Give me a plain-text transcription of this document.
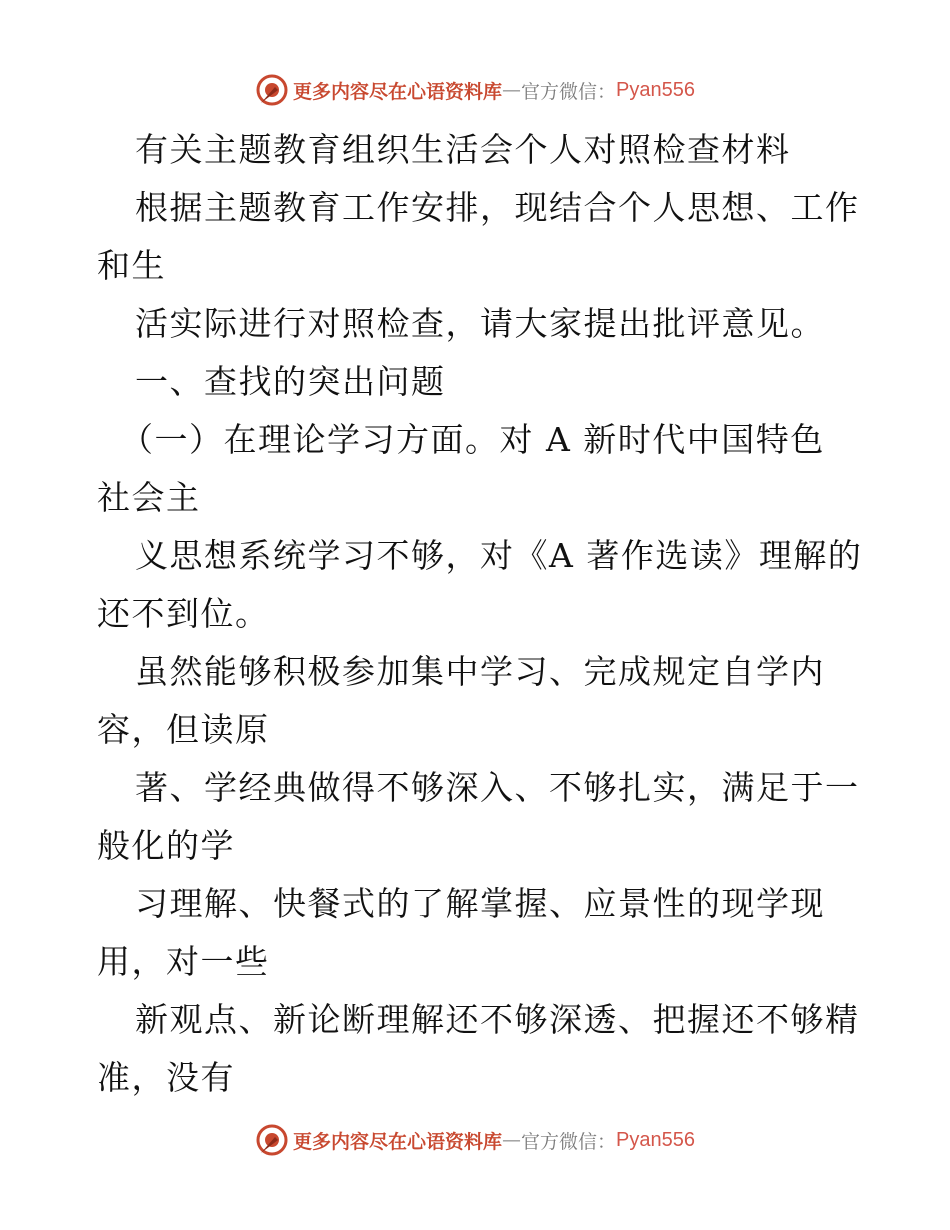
更多内容尽在心语资料库 — 官方微信： Pyan556
有关主题教育组织生活会个人对照检查材料
根据主题教育工作安排，现结合个人思想、工作
和生
活实际进行对照检查，请大家提出批评意见。
一、查找的突出问题
（一）在理论学习方面。对 A 新时代中国特色
社会主
义思想系统学习不够，对《A 著作选读》理解的
还不到位。
虽然能够积极参加集中学习、完成规定自学内
容，但读原
著、学经典做得不够深入、不够扎实，满足于一
般化的学
习理解、快餐式的了解掌握、应景性的现学现
用，对一些
新观点、新论断理解还不够深透、把握还不够精
准，没有
更多内容尽在心语资料库 — 官方微信： Pyan556
